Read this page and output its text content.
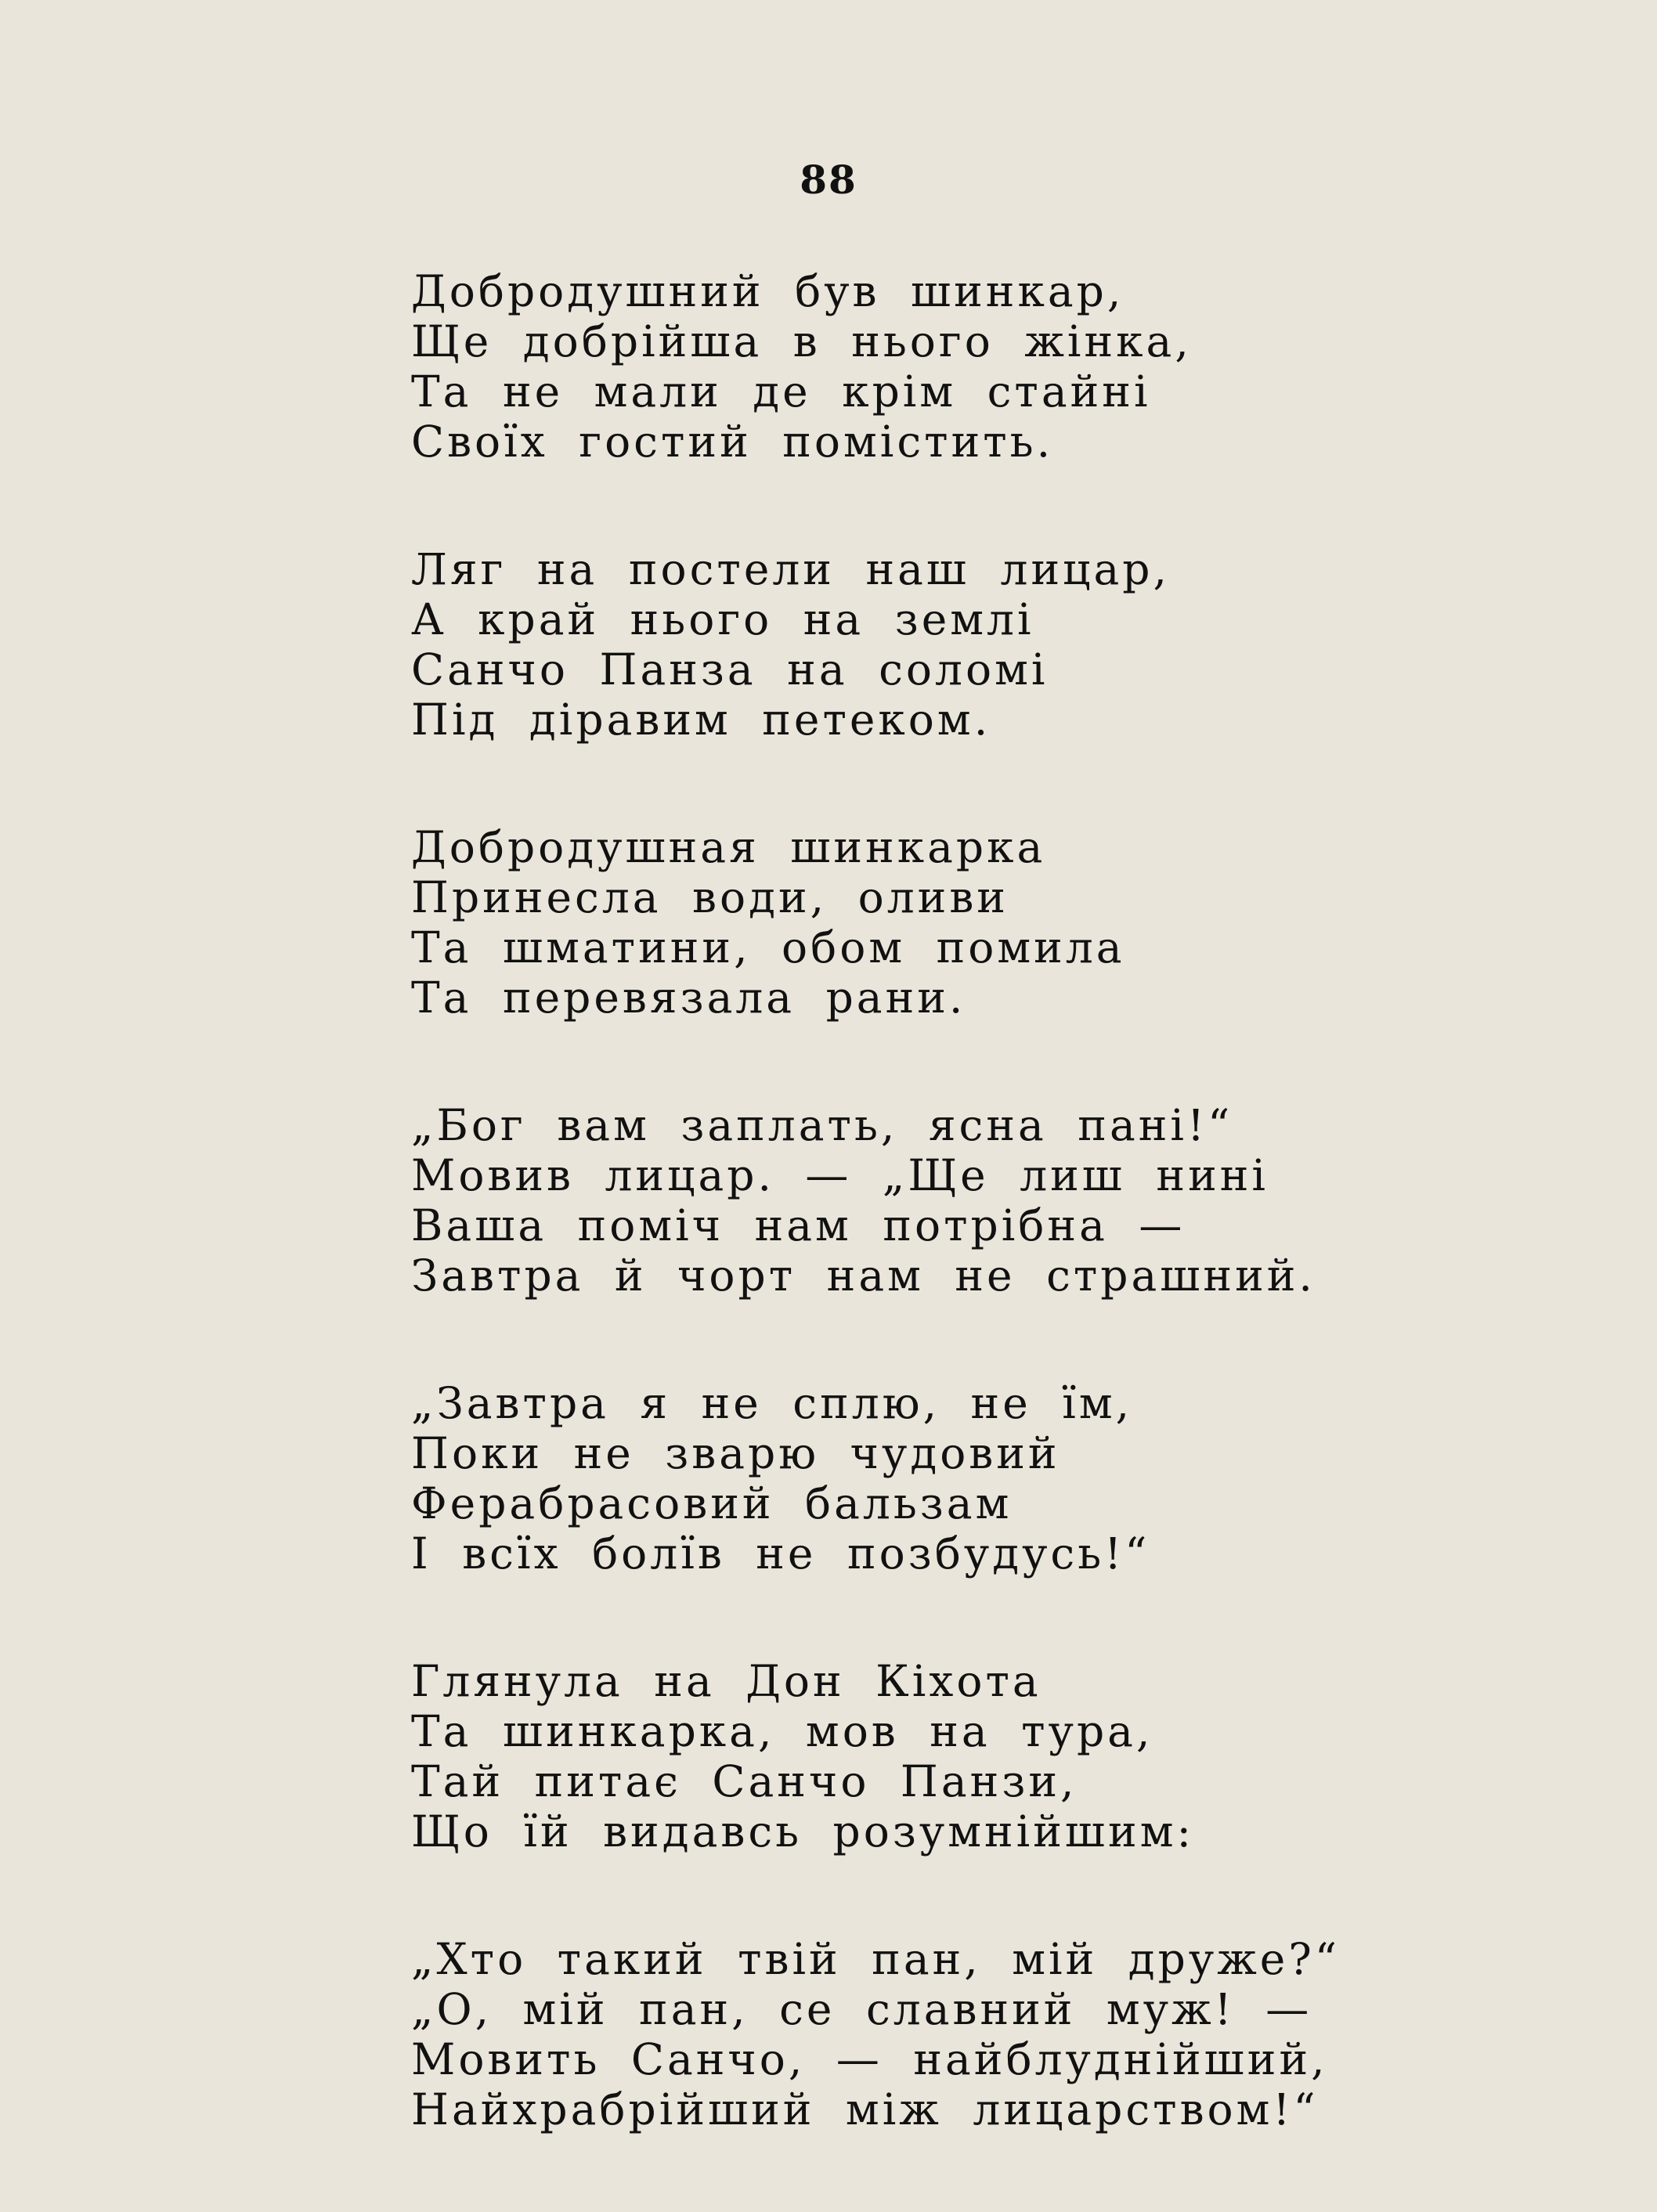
88
Добродушний був шинкар,
Ще добрійша в нього жінка,
Та не мали де крім стайні
Своїх гостий помістить.
Ляг на постели наш лицар,
А край нього на землі
Санчо Панза на соломі
Під діравим петеком.
Добродушная шинкарка
Принесла води, оливи
Та шматини, обом помила
Та перевязала рани.
„Бог вам заплать, ясна пані!“
Мовив лицар. — „Ще лиш нині
Ваша поміч нам потрібна —
Завтра й чорт нам не страшний.
„Завтра я не сплю, не їм,
Поки не зварю чудовий
Ферабрасовий бальзам
І всїх болїв не позбудусь!“
Глянула на Дон Кіхота
Та шинкарка, мов на тура,
Тай питає Санчо Панзи,
Що їй видавсь розумнійшим:
„Хто такий твій пан, мій друже?“
„О, мій пан, се славний муж! —
Мовить Санчо, — найблуднійший,
Найхрабрійший між лицарством!“
